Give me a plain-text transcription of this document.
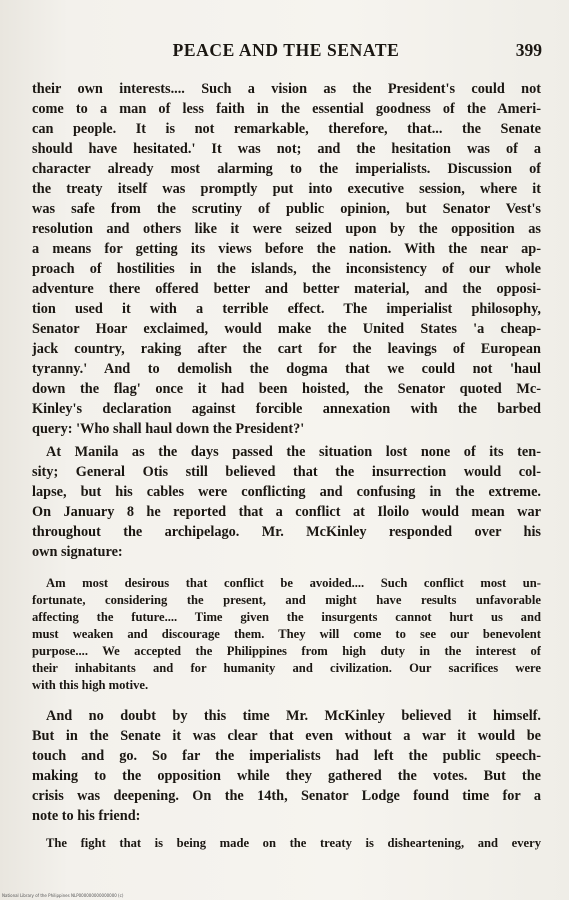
PEACE AND THE SENATE	399
their own interests.... Such a vision as the President's could not
come to a man of less faith in the essential goodness of the Ameri-
can people. It is not remarkable, therefore, that... the Senate
should have hesitated.' It was not; and the hesitation was of a
character already most alarming to the imperialists. Discussion of
the treaty itself was promptly put into executive session, where it
was safe from the scrutiny of public opinion, but Senator Vest's
resolution and others like it were seized upon by the opposition as
a means for getting its views before the nation. With the near ap-
proach of hostilities in the islands, the inconsistency of our whole
adventure there offered better and better material, and the opposi-
tion used it with a terrible effect. The imperialist philosophy,
Senator Hoar exclaimed, would make the United States 'a cheap-
jack country, raking after the cart for the leavings of European
tyranny.' And to demolish the dogma that we could not 'haul
down the flag' once it had been hoisted, the Senator quoted Mc-
Kinley's declaration against forcible annexation with the barbed
query: 'Who shall haul down the President?'
At Manila as the days passed the situation lost none of its ten-
sity; General Otis still believed that the insurrection would col-
lapse, but his cables were conflicting and confusing in the extreme.
On January 8 he reported that a conflict at Iloilo would mean war
throughout the archipelago. Mr. McKinley responded over his
own signature:
Am most desirous that conflict be avoided.... Such conflict most un-
fortunate, considering the present, and might have results unfavorable
affecting the future.... Time given the insurgents cannot hurt us and
must weaken and discourage them. They will come to see our benevolent
purpose.... We accepted the Philippines from high duty in the interest of
their inhabitants and for humanity and civilization. Our sacrifices were
with this high motive.
And no doubt by this time Mr. McKinley believed it himself.
But in the Senate it was clear that even without a war it would be
touch and go. So far the imperialists had left the public speech-
making to the opposition while they gathered the votes. But the
crisis was deepening. On the 14th, Senator Lodge found time for a
note to his friend:
The fight that is being made on the treaty is disheartening, and every
National Library of the Philippines NLP000000000000000 (c)
